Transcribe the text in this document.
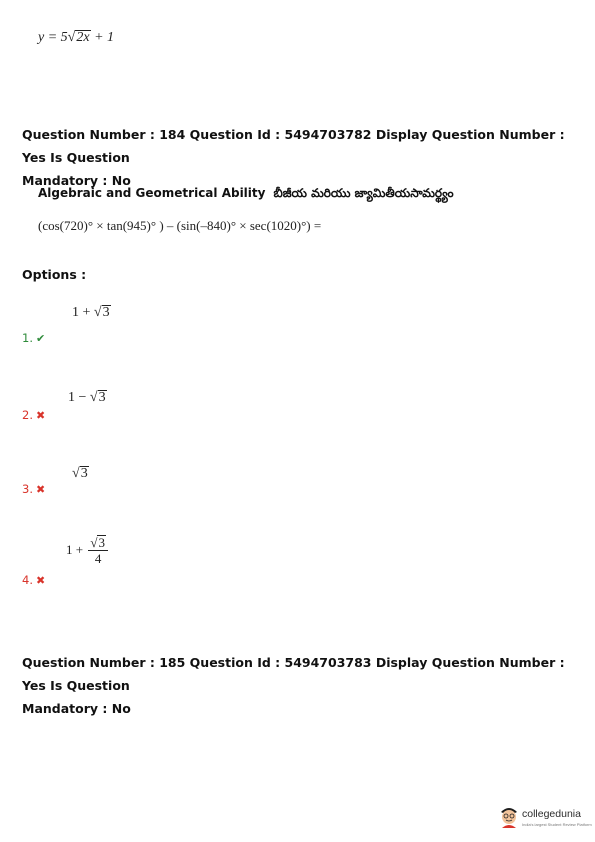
y = 5√2x + 1
Question Number : 184 Question Id : 5494703782 Display Question Number : Yes Is Question
Mandatory : No
Algebraic and Geometrical Ability బీజీయ మరియు జ్యామితీయసామర్థ్యం
(cos(720)° × tan(945)° ) – (sin(–840)° × sec(1020)°) =
Options :
1 + √3
1. ✔
1 − √3
2. ✖
√3
3. ✖
$1 + \frac{√3}{4}$
4. ✖
Question Number : 185 Question Id : 5494703783 Display Question Number : Yes Is Question
Mandatory : No
collegedunia
India's largest Student Review Platform
